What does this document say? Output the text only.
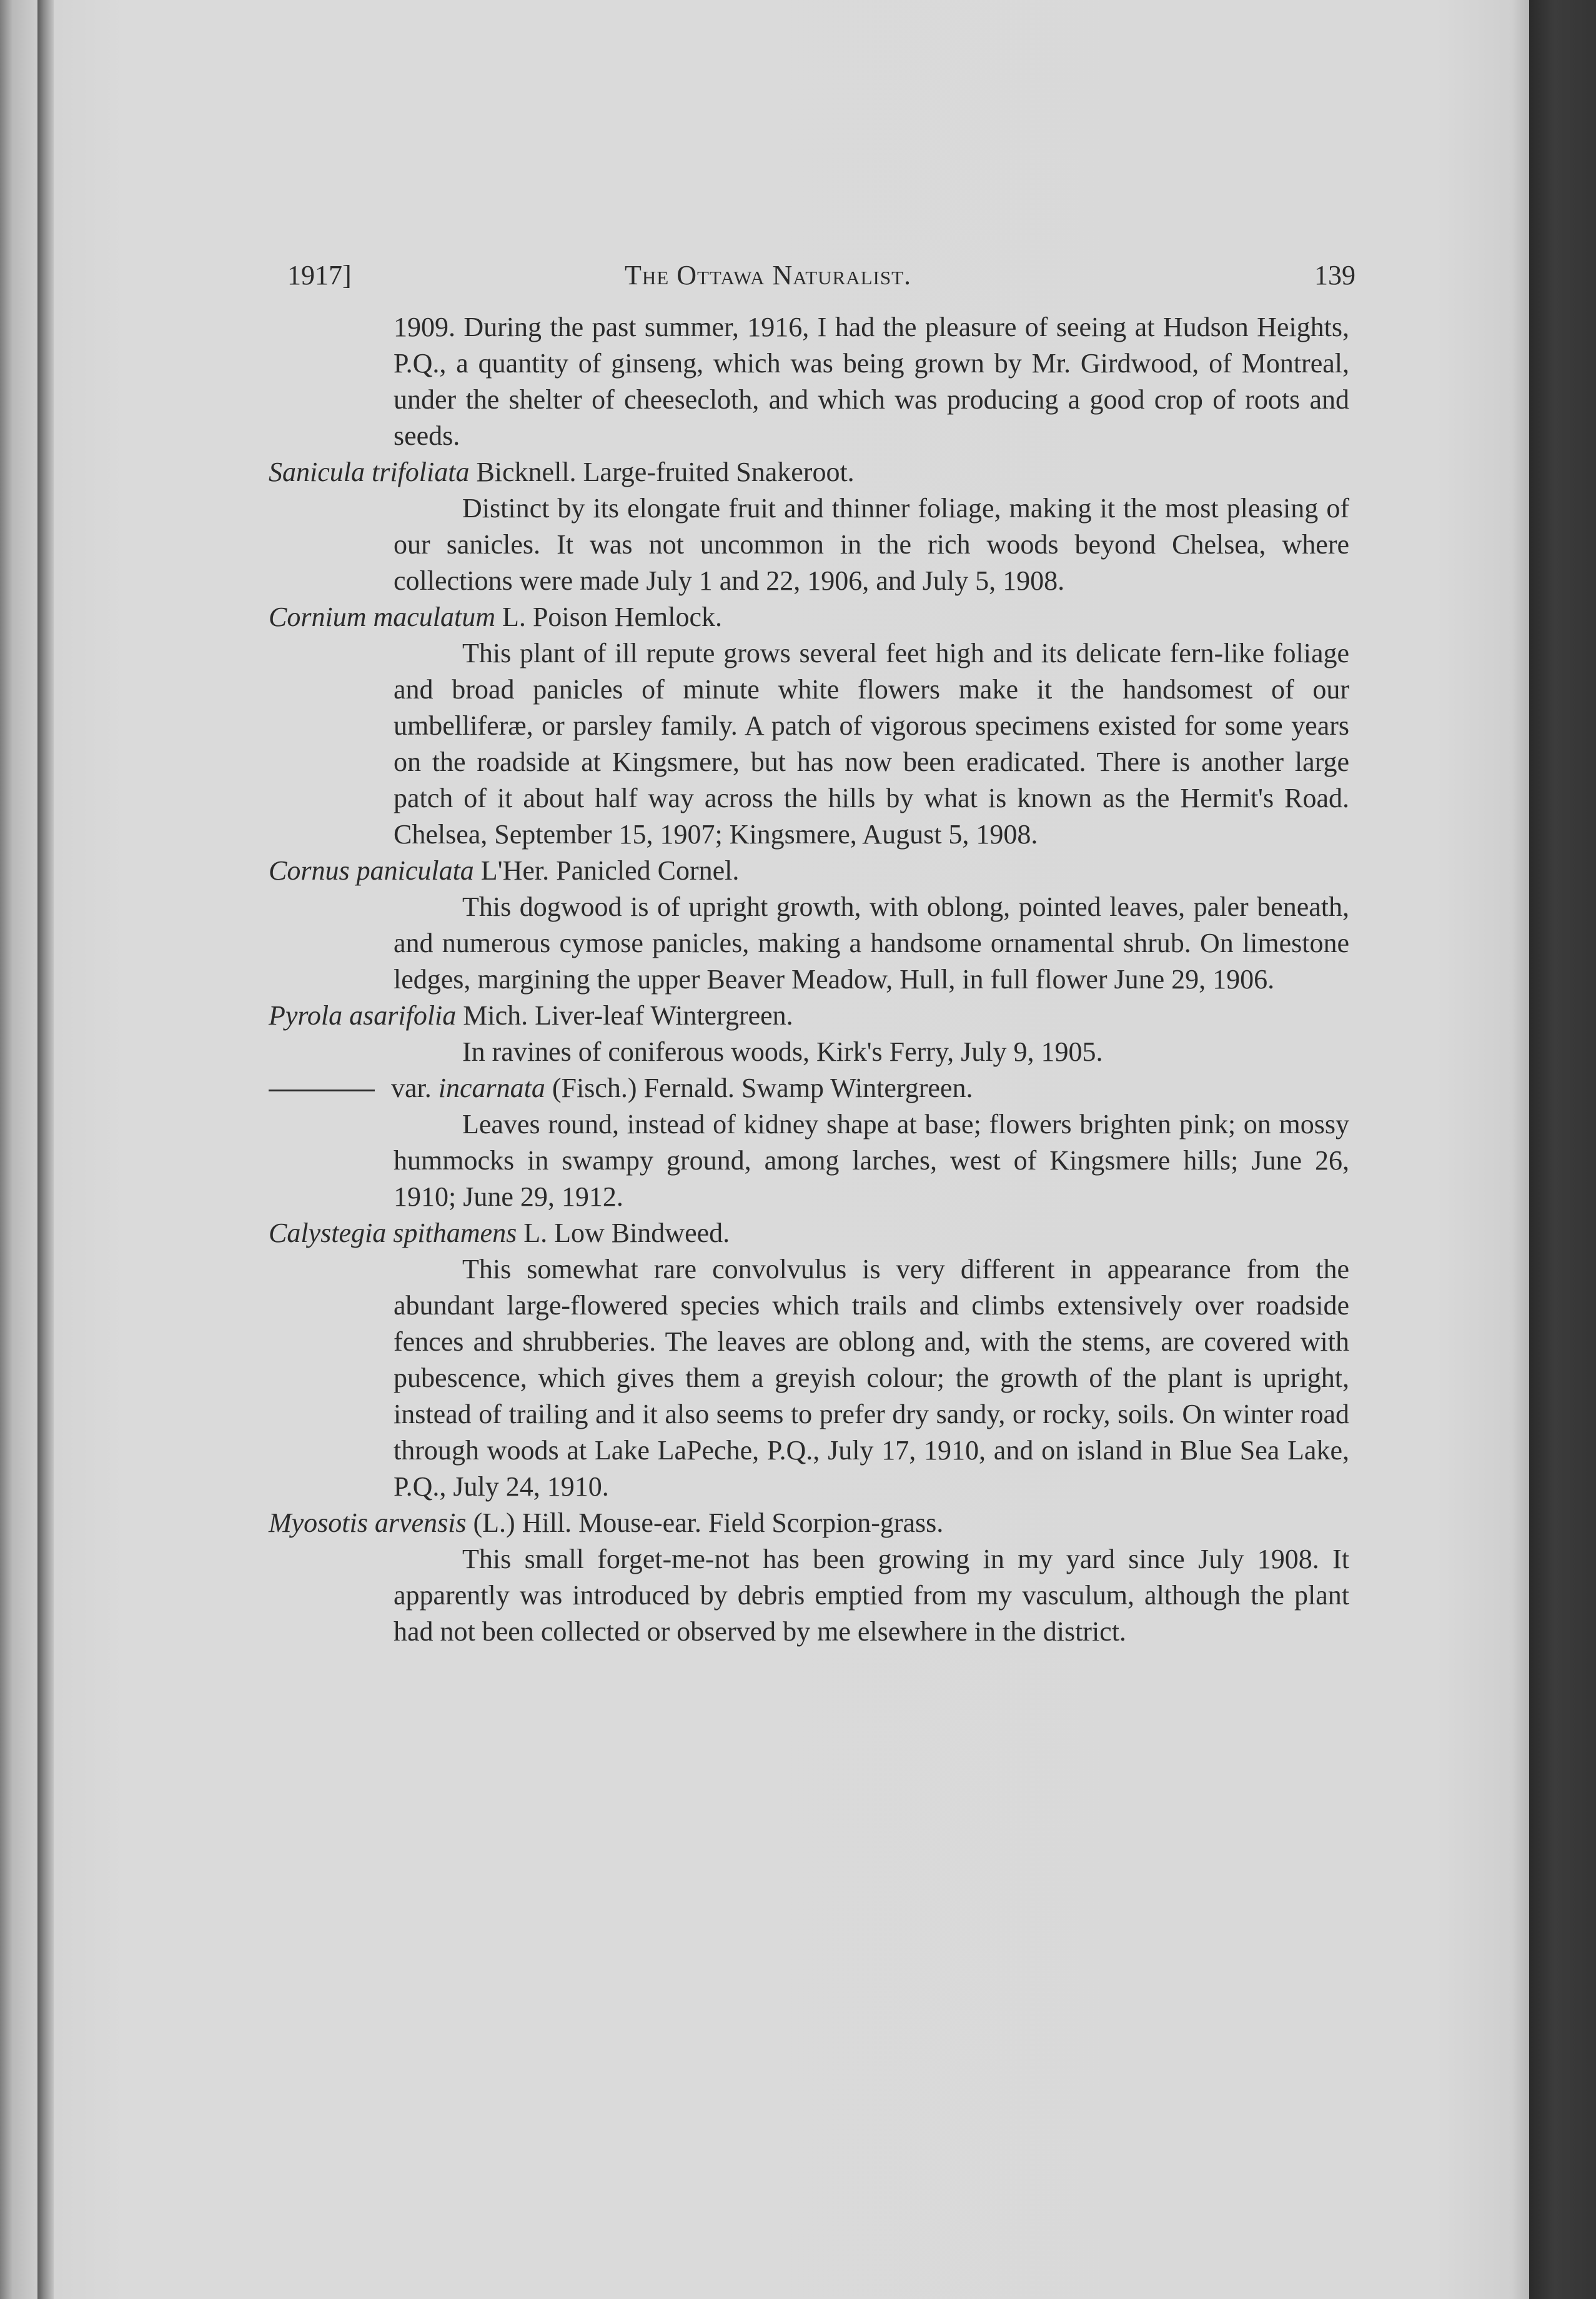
1917]	The Ottawa Naturalist.	139

1909. During the past summer, 1916, I had the pleasure of seeing at Hudson Heights, P.Q., a quantity of ginseng, which was being grown by Mr. Girdwood, of Montreal, under the shelter of cheesecloth, and which was producing a good crop of roots and seeds.

Sanicula trifoliata Bicknell. Large-fruited Snakeroot.

Distinct by its elongate fruit and thinner foliage, making it the most pleasing of our sanicles. It was not uncommon in the rich woods beyond Chelsea, where collections were made July 1 and 22, 1906, and July 5, 1908.

Cornium maculatum L. Poison Hemlock.

This plant of ill repute grows several feet high and its delicate fern-like foliage and broad panicles of minute white flowers make it the handsomest of our umbelliferæ, or parsley family. A patch of vigorous specimens existed for some years on the roadside at Kingsmere, but has now been eradicated. There is another large patch of it about half way across the hills by what is known as the Hermit's Road. Chelsea, September 15, 1907; Kingsmere, August 5, 1908.

Cornus paniculata L'Her. Panicled Cornel.

This dogwood is of upright growth, with oblong, pointed leaves, paler beneath, and numerous cymose panicles, making a handsome ornamental shrub. On limestone ledges, margining the upper Beaver Meadow, Hull, in full flower June 29, 1906.

Pyrola asarifolia Mich. Liver-leaf Wintergreen.

In ravines of coniferous woods, Kirk's Ferry, July 9, 1905.

var. incarnata (Fisch.) Fernald. Swamp Wintergreen.

Leaves round, instead of kidney shape at base; flowers brighten pink; on mossy hummocks in swampy ground, among larches, west of Kingsmere hills; June 26, 1910; June 29, 1912.

Calystegia spithamens L. Low Bindweed.

This somewhat rare convolvulus is very different in appearance from the abundant large-flowered species which trails and climbs extensively over roadside fences and shrubberies. The leaves are oblong and, with the stems, are covered with pubescence, which gives them a greyish colour; the growth of the plant is upright, instead of trailing and it also seems to prefer dry sandy, or rocky, soils. On winter road through woods at Lake LaPeche, P.Q., July 17, 1910, and on island in Blue Sea Lake, P.Q., July 24, 1910.

Myosotis arvensis (L.) Hill. Mouse-ear. Field Scorpion-grass.

This small forget-me-not has been growing in my yard since July 1908. It apparently was introduced by debris emptied from my vasculum, although the plant had not been collected or observed by me elsewhere in the district.
